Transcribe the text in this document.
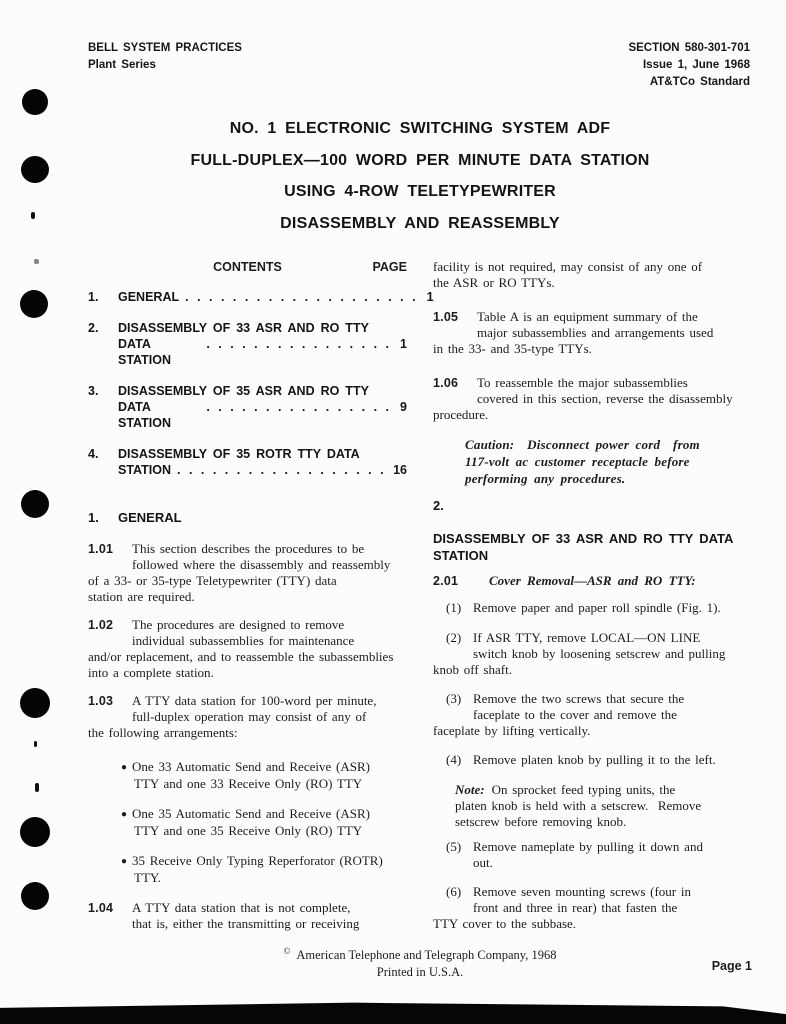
BELL SYSTEM PRACTICES
Plant Series
SECTION 580-301-701
Issue 1, June 1968
AT&TCo Standard
NO. 1 ELECTRONIC SWITCHING SYSTEM ADF
FULL-DUPLEX—100 WORD PER MINUTE DATA STATION
USING 4-ROW TELETYPEWRITER
DISASSEMBLY AND REASSEMBLY
CONTENTS	PAGE
1.	GENERAL . . . . . . . . . . . . . . . . . . . . 1
2.	DISASSEMBLY OF 33 ASR AND RO TTY
DATA STATION
. . . . . . . . . . . . . . . . 1
3.	DISASSEMBLY OF 35 ASR AND RO TTY
DATA STATION
. . . . . . . . . . . . . . . . 9
4.	DISASSEMBLY OF 35 ROTR TTY DATA
STATION . . . . . . . . . . . . . . . . . . 16
1.	GENERAL
1.01	This section describes the procedures to be
followed where the disassembly and reassembly
of a 33- or 35-type Teletypewriter (TTY) data
station are required.
1.02	The procedures are designed to remove
individual subassemblies for maintenance
and/or replacement, and to reassemble the subassemblies
into a complete station.
1.03	A TTY data station for 100-word per minute,
full-duplex operation may consist of any of
the following arrangements:
● One 33 Automatic Send and Receive (ASR)
TTY and one 33 Receive Only (RO) TTY
● One 35 Automatic Send and Receive (ASR)
TTY and one 35 Receive Only (RO) TTY
● 35 Receive Only Typing Reperforator (ROTR)
TTY.
1.04	A TTY data station that is not complete,
that is, either the transmitting or receiving
facility is not required, may consist of any one of
the ASR or RO TTYs.
1.05	Table A is an equipment summary of the
major subassemblies and arrangements used
in the 33- and 35-type TTYs.
1.06	To reassemble the major subassemblies
covered in this section, reverse the disassembly
procedure.
Caution:  Disconnect power cord  from
117-volt ac customer receptacle before
performing any procedures.
2.
DISASSEMBLY OF 33 ASR AND RO TTY DATA
STATION
2.01	Cover Removal—ASR and RO TTY:
(1) Remove paper and paper roll spindle (Fig. 1).
(2) If ASR TTY, remove LOCAL—ON LINE
switch knob by loosening setscrew and pulling
knob off shaft.
(3) Remove the two screws that secure the
faceplate to the cover and remove the
faceplate by lifting vertically.
(4) Remove platen knob by pulling it to the left.
Note: On sprocket feed typing units, the
platen knob is held with a setscrew.  Remove
setscrew before removing knob.
(5) Remove nameplate by pulling it down and
out.
(6) Remove seven mounting screws (four in
front and three in rear) that fasten the
TTY cover to the subbase.
© American Telephone and Telegraph Company, 1968
Printed in U.S.A.	Page 1
